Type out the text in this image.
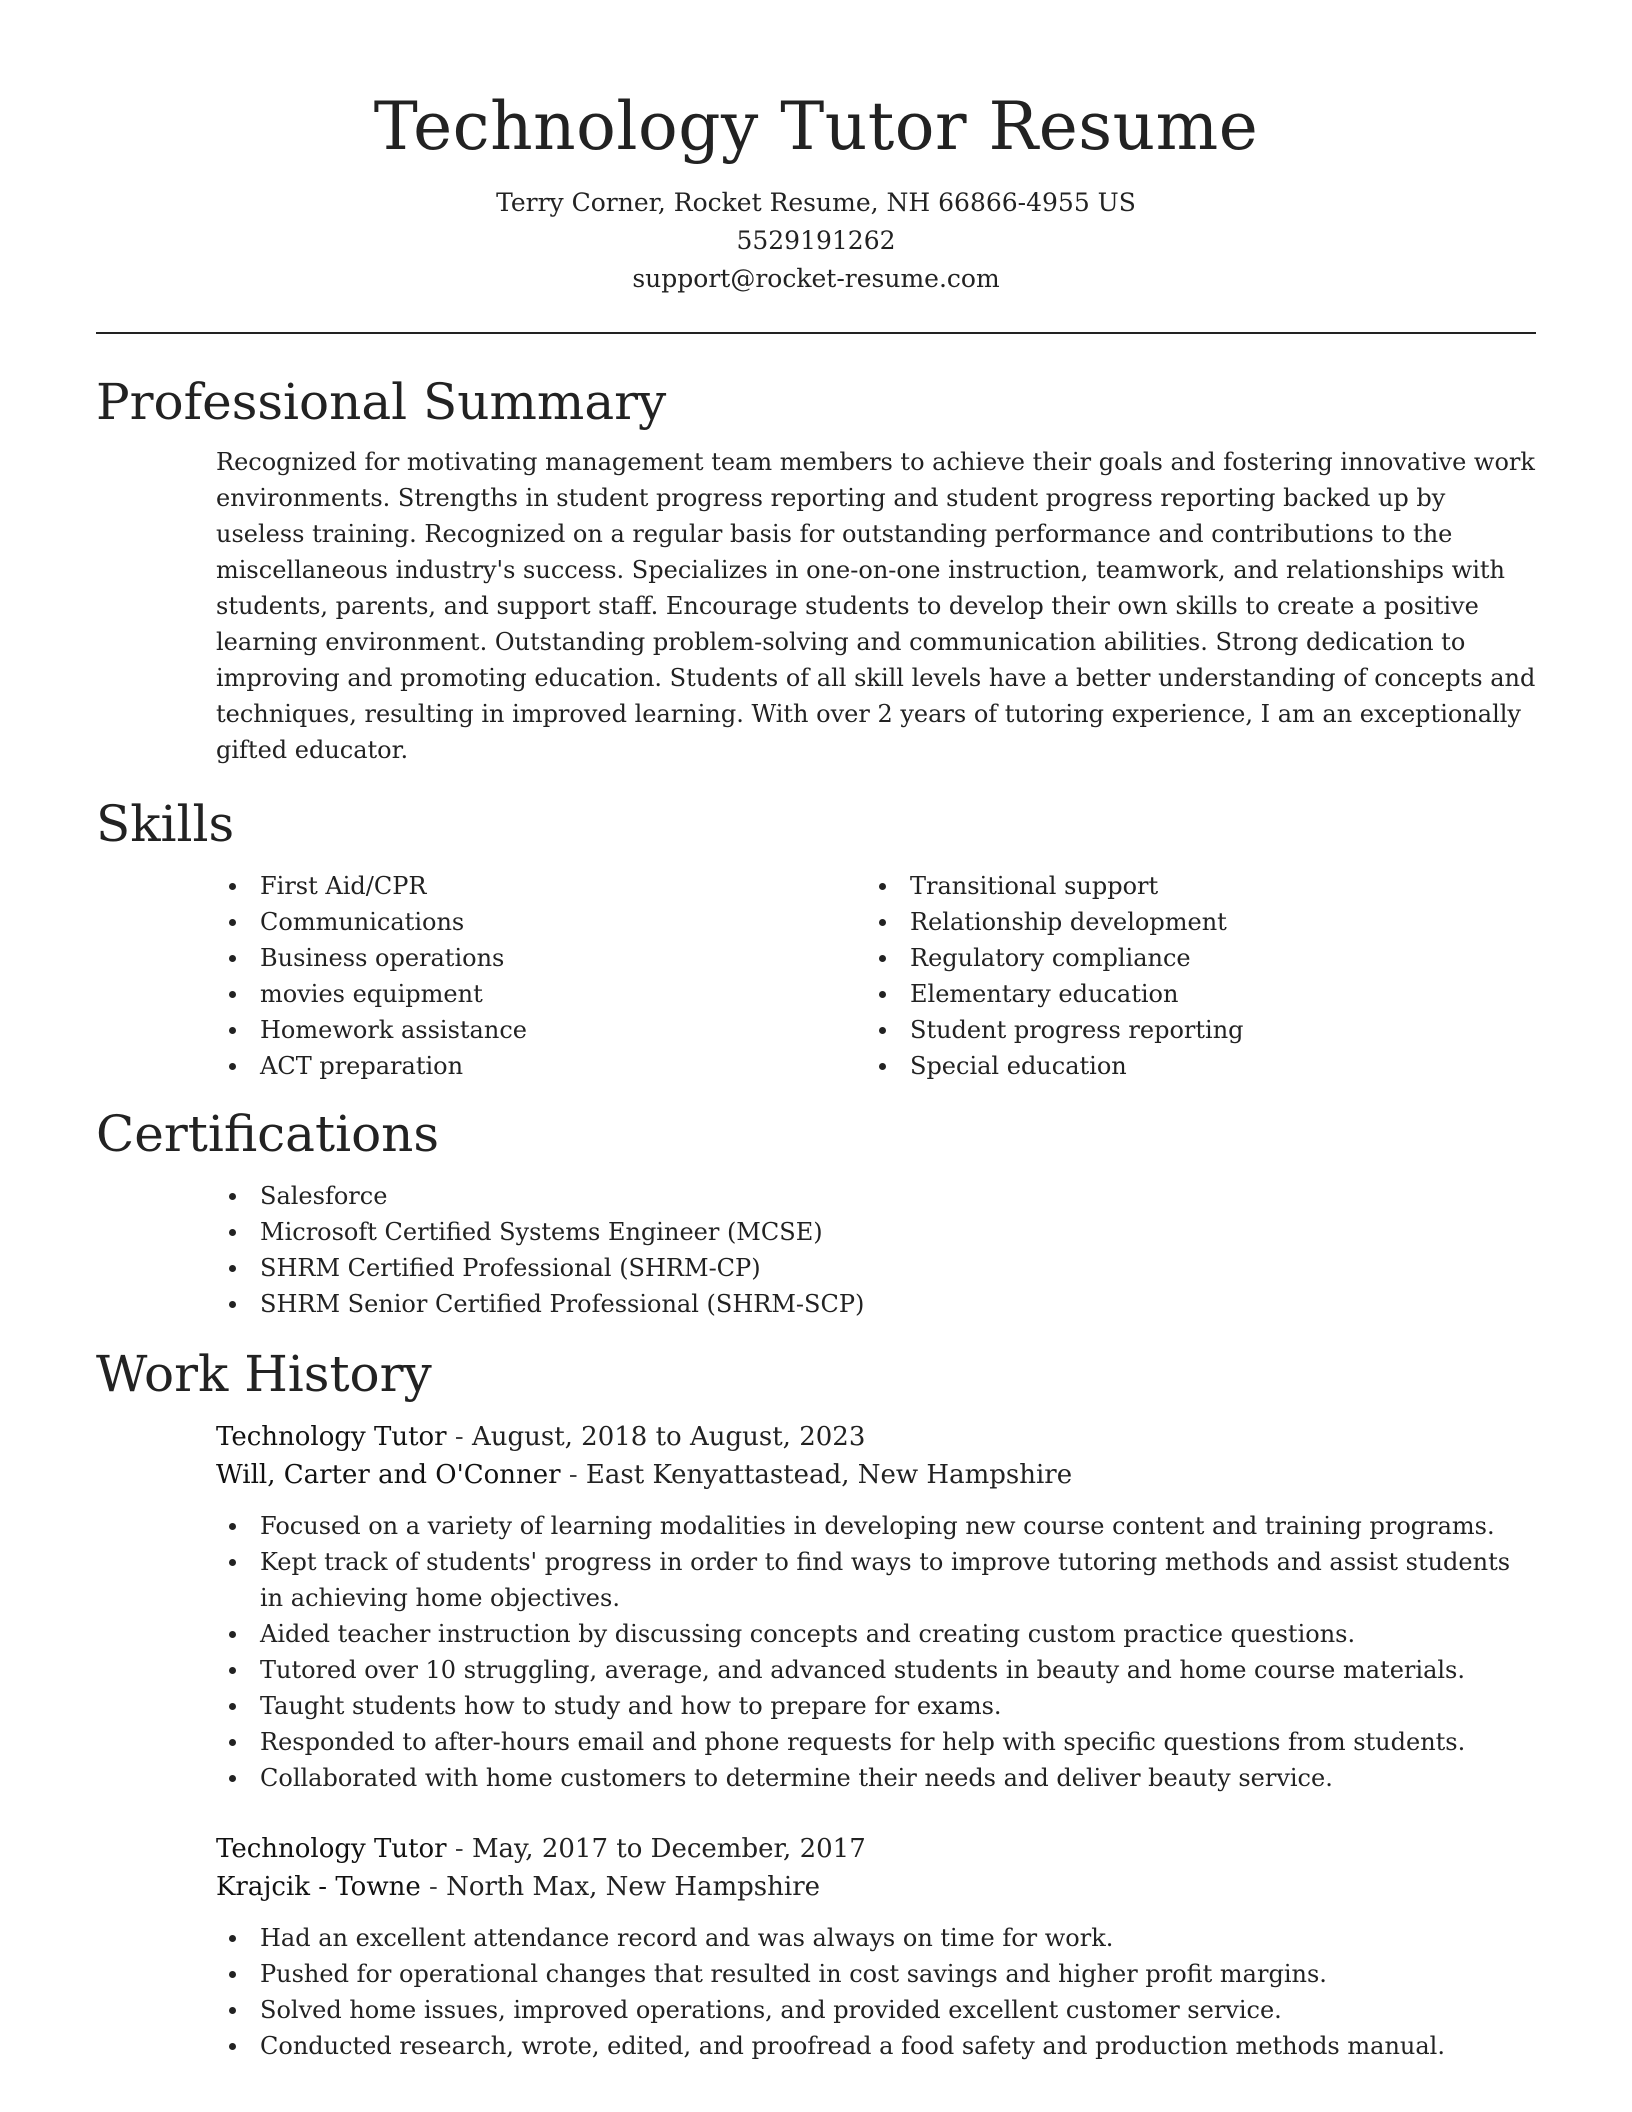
Technology Tutor Resume
Terry Corner, Rocket Resume, NH 66866-4955 US
5529191262
support@rocket-resume.com
Professional Summary

Recognized for motivating management team members to achieve their goals and fostering innovative work environments. Strengths in student progress reporting and student progress reporting backed up by useless training. Recognized on a regular basis for outstanding performance and contributions to the miscellaneous industry's success. Specializes in one-on-one instruction, teamwork, and relationships with students, parents, and support staff. Encourage students to develop their own skills to create a positive learning environment. Outstanding problem-solving and communication abilities. Strong dedication to improving and promoting education. Students of all skill levels have a better understanding of concepts and techniques, resulting in improved learning. With over 2 years of tutoring experience, I am an exceptionally gifted educator.

Skills
First Aid/CPR
Communications
Business operations
movies equipment
Homework assistance
ACT preparation
Transitional support
Relationship development
Regulatory compliance
Elementary education
Student progress reporting
Special education
Certifications
Salesforce
Microsoft Certified Systems Engineer (MCSE)
SHRM Certified Professional (SHRM-CP)
SHRM Senior Certified Professional (SHRM-SCP)
Work History
Technology Tutor - August, 2018 to August, 2023
Will, Carter and O'Conner - East Kenyattastead, New Hampshire
Focused on a variety of learning modalities in developing new course content and training programs.
Kept track of students' progress in order to find ways to improve tutoring methods and assist students in achieving home objectives.
Aided teacher instruction by discussing concepts and creating custom practice questions.
Tutored over 10 struggling, average, and advanced students in beauty and home course materials.
Taught students how to study and how to prepare for exams.
Responded to after-hours email and phone requests for help with specific questions from students.
Collaborated with home customers to determine their needs and deliver beauty service.
Technology Tutor - May, 2017 to December, 2017
Krajcik - Towne - North Max, New Hampshire
Had an excellent attendance record and was always on time for work.
Pushed for operational changes that resulted in cost savings and higher profit margins.
Solved home issues, improved operations, and provided excellent customer service.
Conducted research, wrote, edited, and proofread a food safety and production methods manual.
